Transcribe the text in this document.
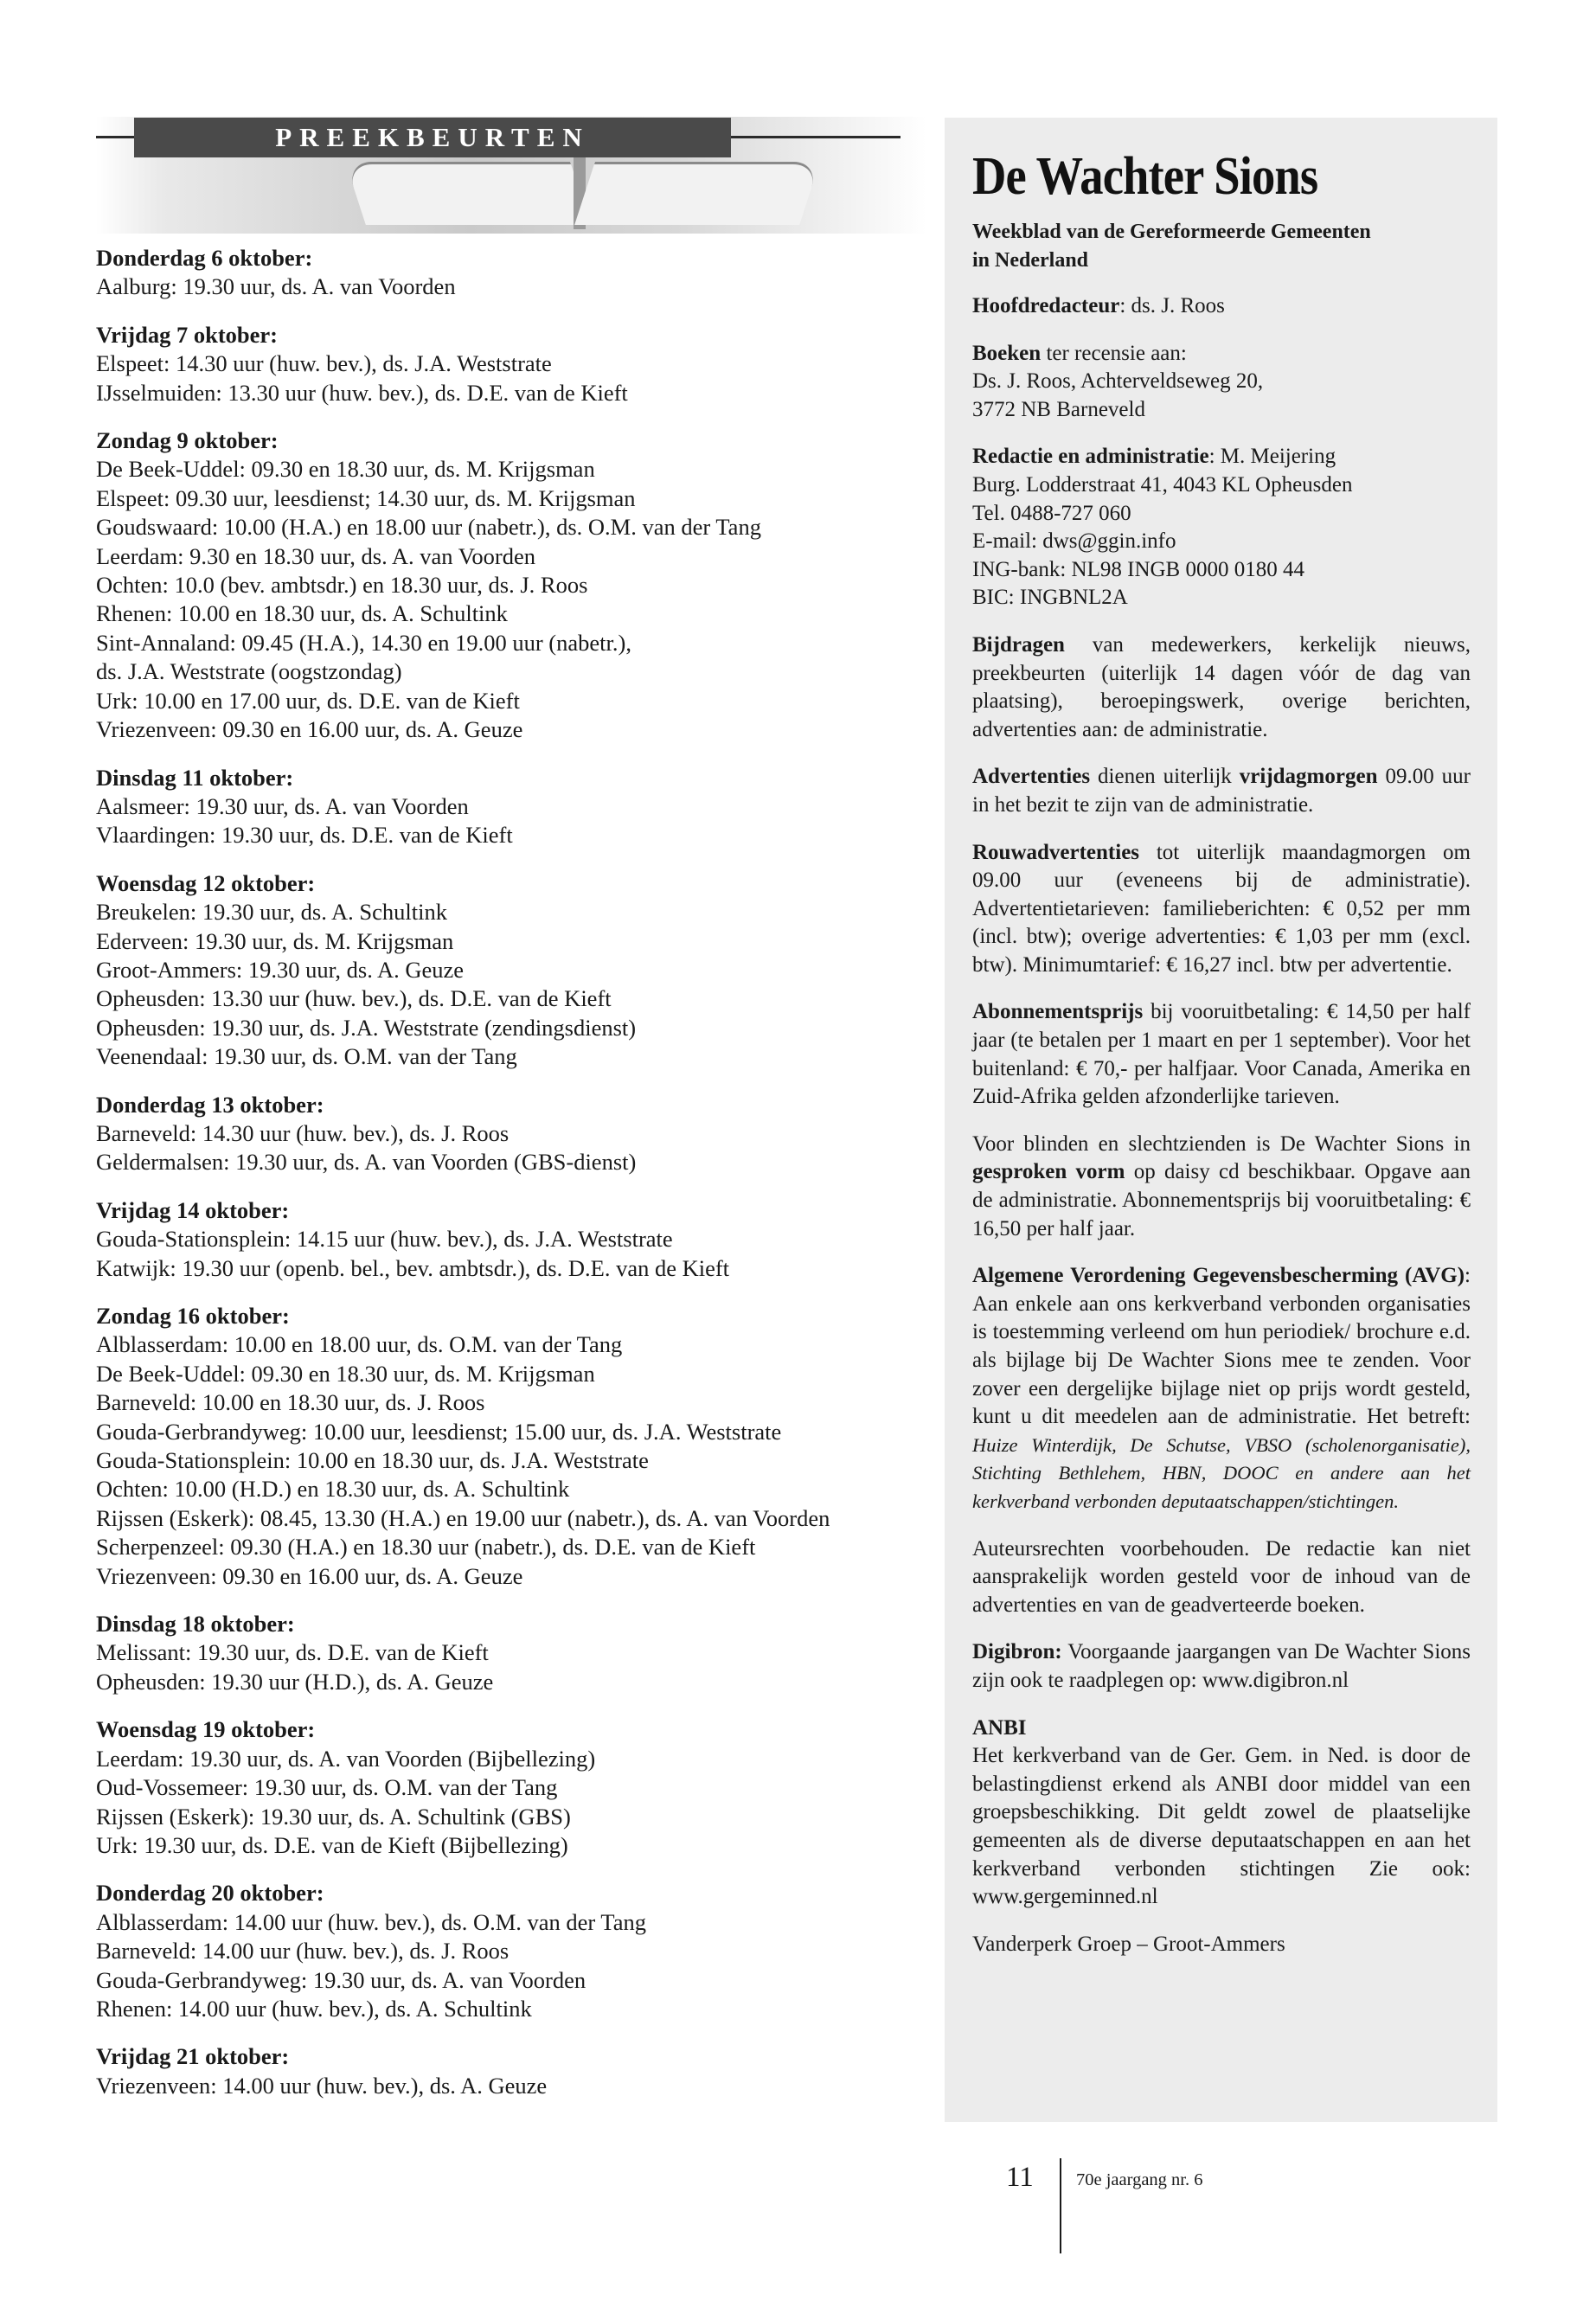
PREEKBEURTEN
Donderdag 6 oktober:
Aalburg: 19.30 uur, ds. A. van Voorden
Vrijdag 7 oktober:
Elspeet: 14.30 uur (huw. bev.), ds. J.A. Weststrate
IJsselmuiden: 13.30 uur (huw. bev.), ds. D.E. van de Kieft
Zondag 9 oktober:
De Beek-Uddel: 09.30 en 18.30 uur, ds. M. Krijgsman
Elspeet: 09.30 uur, leesdienst; 14.30 uur, ds. M. Krijgsman
Goudswaard: 10.00 (H.A.) en 18.00 uur (nabetr.), ds. O.M. van der Tang
Leerdam: 9.30 en 18.30 uur, ds. A. van Voorden
Ochten: 10.0 (bev. ambtsdr.) en 18.30 uur, ds. J. Roos
Rhenen: 10.00 en 18.30 uur, ds. A. Schultink
Sint-Annaland: 09.45 (H.A.), 14.30 en 19.00 uur (nabetr.),
ds. J.A. Weststrate (oogstzondag)
Urk: 10.00 en 17.00 uur, ds. D.E. van de Kieft
Vriezenveen: 09.30 en 16.00 uur, ds. A. Geuze
Dinsdag 11 oktober:
Aalsmeer: 19.30 uur, ds. A. van Voorden
Vlaardingen: 19.30 uur, ds. D.E. van de Kieft
Woensdag 12 oktober:
Breukelen: 19.30 uur, ds. A. Schultink
Ederveen: 19.30 uur, ds. M. Krijgsman
Groot-Ammers: 19.30 uur, ds. A. Geuze
Opheusden: 13.30 uur (huw. bev.), ds. D.E. van de Kieft
Opheusden: 19.30 uur, ds. J.A. Weststrate (zendingsdienst)
Veenendaal: 19.30 uur, ds. O.M. van der Tang
Donderdag 13 oktober:
Barneveld: 14.30 uur (huw. bev.), ds. J. Roos
Geldermalsen: 19.30 uur, ds. A. van Voorden (GBS-dienst)
Vrijdag 14 oktober:
Gouda-Stationsplein: 14.15 uur (huw. bev.), ds. J.A. Weststrate
Katwijk: 19.30 uur (openb. bel., bev. ambtsdr.), ds. D.E. van de Kieft
Zondag 16 oktober:
Alblasserdam: 10.00 en 18.00 uur, ds. O.M. van der Tang
De Beek-Uddel: 09.30 en 18.30 uur, ds. M. Krijgsman
Barneveld: 10.00 en 18.30 uur, ds. J. Roos
Gouda-Gerbrandyweg: 10.00 uur, leesdienst; 15.00 uur, ds. J.A. Weststrate
Gouda-Stationsplein: 10.00 en 18.30 uur, ds. J.A. Weststrate
Ochten: 10.00 (H.D.) en 18.30 uur, ds. A. Schultink
Rijssen (Eskerk): 08.45, 13.30 (H.A.) en 19.00 uur (nabetr.), ds. A. van Voorden
Scherpenzeel: 09.30 (H.A.) en 18.30 uur (nabetr.), ds. D.E. van de Kieft
Vriezenveen: 09.30 en 16.00 uur, ds. A. Geuze
Dinsdag 18 oktober:
Melissant: 19.30 uur, ds. D.E. van de Kieft
Opheusden: 19.30 uur (H.D.), ds. A. Geuze
Woensdag 19 oktober:
Leerdam: 19.30 uur, ds. A. van Voorden (Bijbellezing)
Oud-Vossemeer: 19.30 uur, ds. O.M. van der Tang
Rijssen (Eskerk): 19.30 uur, ds. A. Schultink (GBS)
Urk: 19.30 uur, ds. D.E. van de Kieft (Bijbellezing)
Donderdag 20 oktober:
Alblasserdam: 14.00 uur (huw. bev.), ds. O.M. van der Tang
Barneveld: 14.00 uur (huw. bev.), ds. J. Roos
Gouda-Gerbrandyweg: 19.30 uur, ds. A. van Voorden
Rhenen: 14.00 uur (huw. bev.), ds. A. Schultink
Vrijdag 21 oktober:
Vriezenveen: 14.00 uur (huw. bev.), ds. A. Geuze
De Wachter Sions
Weekblad van de Gereformeerde Gemeenten
in Nederland

Hoofdredacteur: ds. J. Roos

Boeken ter recensie aan:
Ds. J. Roos, Achterveldseweg 20,
3772 NB Barneveld

Redactie en administratie: M. Meijering
Burg. Lodderstraat 41, 4043 KL Opheusden
Tel. 0488-727 060
E-mail: dws@ggin.info
ING-bank: NL98 INGB 0000 0180 44
BIC: INGBNL2A

Bijdragen van medewerkers, kerkelijk nieuws, preekbeurten (uiterlijk 14 dagen vóór de dag van plaatsing), beroepingswerk, overige berichten, advertenties aan: de administratie.

Advertenties dienen uiterlijk vrijdagmorgen 09.00 uur in het bezit te zijn van de administratie.

Rouwadvertenties tot uiterlijk maandagmorgen om 09.00 uur (eveneens bij de administratie). Advertentietarieven: familieberichten: € 0,52 per mm (incl. btw); overige advertenties: € 1,03 per mm (excl. btw). Minimumtarief: € 16,27 incl. btw per advertentie.

Abonnementsprijs bij vooruitbetaling: € 14,50 per half jaar (te betalen per 1 maart en per 1 september). Voor het buitenland: € 70,- per halfjaar. Voor Canada, Amerika en Zuid-Afrika gelden afzonderlijke tarieven.

Voor blinden en slechtzienden is De Wachter Sions in gesproken vorm op daisy cd beschikbaar. Opgave aan de administratie. Abonnementsprijs bij vooruitbetaling: € 16,50 per half jaar.

Algemene Verordening Gegevensbescherming (AVG): Aan enkele aan ons kerkverband verbonden organisaties is toestemming verleend om hun periodiek/ brochure e.d. als bijlage bij De Wachter Sions mee te zenden. Voor zover een dergelijke bijlage niet op prijs wordt gesteld, kunt u dit meedelen aan de administratie. Het betreft: Huize Winterdijk, De Schutse, VBSO (scholenorganisatie), Stichting Bethlehem, HBN, DOOC en andere aan het kerkverband verbonden deputaatschappen/stichtingen.

Auteursrechten voorbehouden. De redactie kan niet aansprakelijk worden gesteld voor de inhoud van de advertenties en van de geadverteerde boeken.

Digibron: Voorgaande jaargangen van De Wachter Sions zijn ook te raadplegen op: www.digibron.nl

ANBI
Het kerkverband van de Ger. Gem. in Ned. is door de belastingdienst erkend als ANBI door middel van een groepsbeschikking. Dit geldt zowel de plaatselijke gemeenten als de diverse deputaatschappen en aan het kerkverband verbonden stichtingen Zie ook: www.gergeminned.nl

Vanderperk Groep – Groot-Ammers

11 70e jaargang nr. 6
